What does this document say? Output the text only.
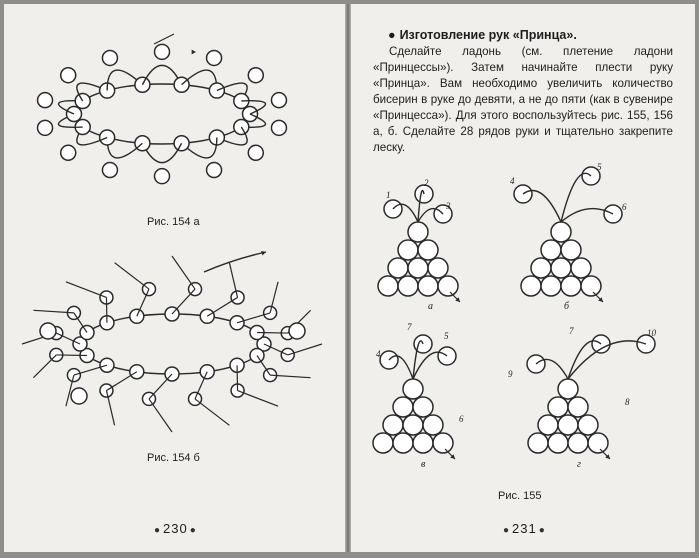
Рис. 154 а
Рис. 154 б
● 230 ●
● Изготовление рук «Принца».

Сделайте ладонь (см. плетение ладони «Принцессы»). Затем начинайте плести руку «Принца». Вам необходимо увеличить количество бисерин в руке до девяти, а не до пяти (как в сувенире «Принцесса»). Для этого воспользуйтесь рис. 155, 156 а, б. Сделайте 28 рядов руки и тщательно закрепите леску.

а	б
в	г
1
2
3
4
5
6
4
5
6
7	7
8
9
10
Рис. 155
● 231 ●
